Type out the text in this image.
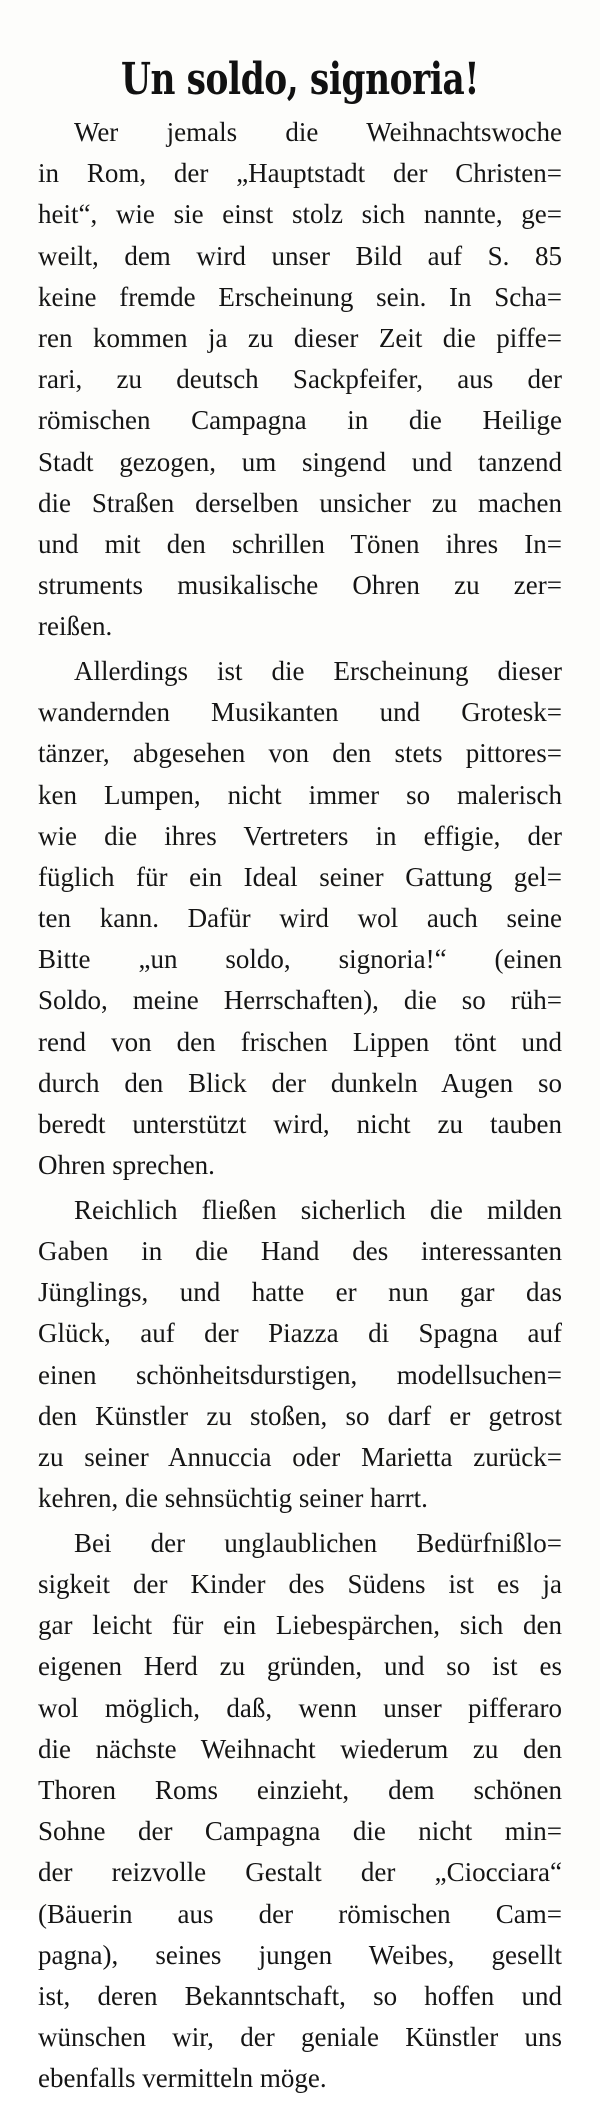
Un soldo, signoria!
Wer jemals die Weihnachtswoche
in Rom, der „Hauptstadt der Christen=
heit“, wie sie einst stolz sich nannte, ge=
weilt, dem wird unser Bild auf S. 85
keine fremde Erscheinung sein. In Scha=
ren kommen ja zu dieser Zeit die piffe=
rari, zu deutsch Sackpfeifer, aus der
römischen Campagna in die Heilige
Stadt gezogen, um singend und tanzend
die Straßen derselben unsicher zu machen
und mit den schrillen Tönen ihres In=
struments musikalische Ohren zu zer=
reißen.
Allerdings ist die Erscheinung dieser
wandernden Musikanten und Grotesk=
tänzer, abgesehen von den stets pittores=
ken Lumpen, nicht immer so malerisch
wie die ihres Vertreters in effigie, der
füglich für ein Ideal seiner Gattung gel=
ten kann. Dafür wird wol auch seine
Bitte „un soldo, signoria!“ (einen
Soldo, meine Herrschaften), die so rüh=
rend von den frischen Lippen tönt und
durch den Blick der dunkeln Augen so
beredt unterstützt wird, nicht zu tauben
Ohren sprechen.
Reichlich fließen sicherlich die milden
Gaben in die Hand des interessanten
Jünglings, und hatte er nun gar das
Glück, auf der Piazza di Spagna auf
einen schönheitsdurstigen, modellsuchen=
den Künstler zu stoßen, so darf er getrost
zu seiner Annuccia oder Marietta zurück=
kehren, die sehnsüchtig seiner harrt.
Bei der unglaublichen Bedürfnißlo=
sigkeit der Kinder des Südens ist es ja
gar leicht für ein Liebespärchen, sich den
eigenen Herd zu gründen, und so ist es
wol möglich, daß, wenn unser pifferaro
die nächste Weihnacht wiederum zu den
Thoren Roms einzieht, dem schönen
Sohne der Campagna die nicht min=
der reizvolle Gestalt der „Ciocciara“
(Bäuerin aus der römischen Cam=
pagna), seines jungen Weibes, gesellt
ist, deren Bekanntschaft, so hoffen und
wünschen wir, der geniale Künstler uns
ebenfalls vermitteln möge.
